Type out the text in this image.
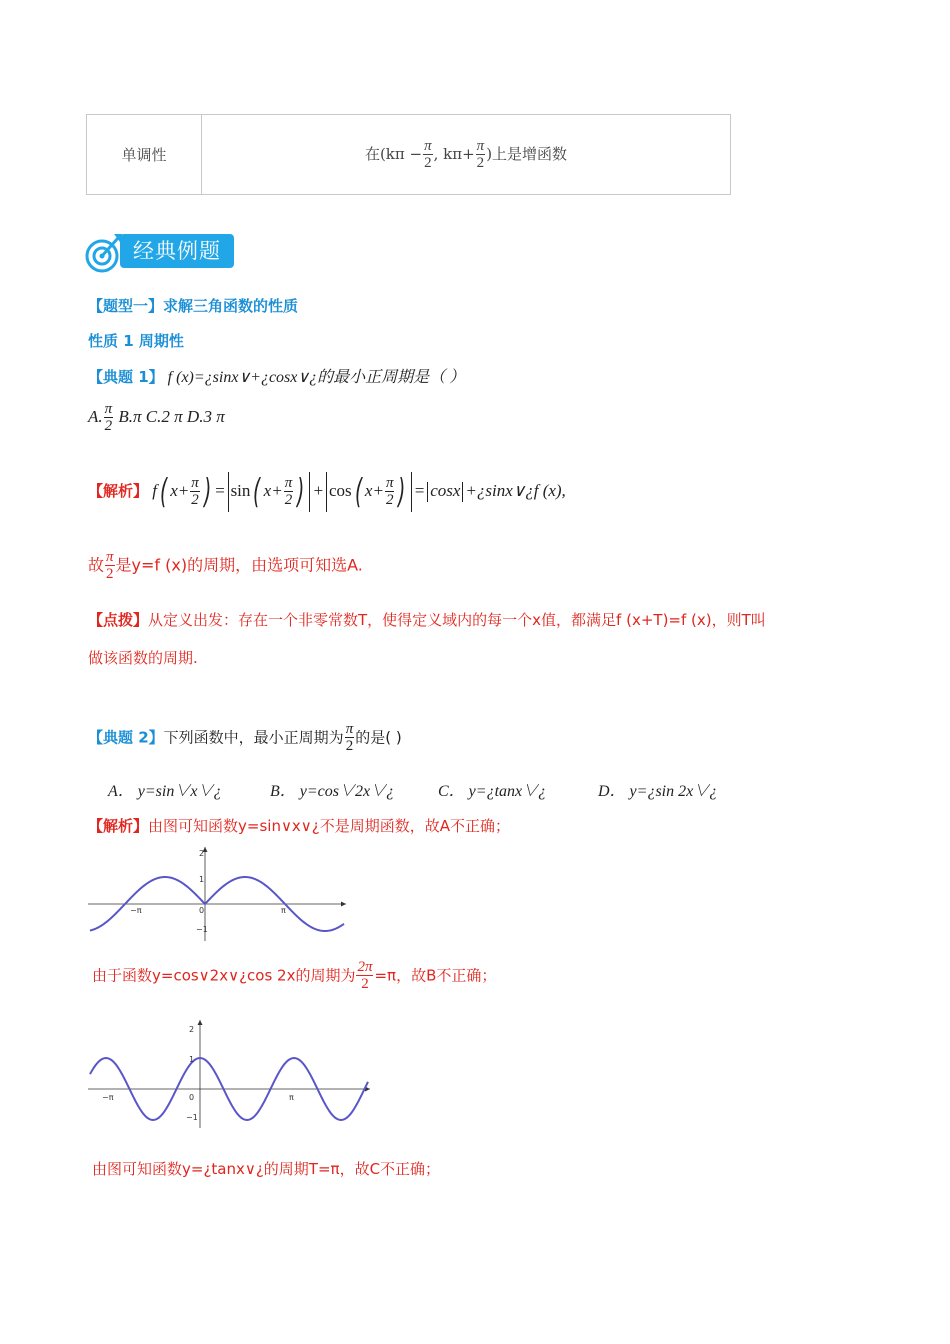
单调性	在($k\pi - \frac{\pi}{2}$ , $k\pi+ \frac{\pi}{2}$ )上是增函数
经典例题
【题型一】求解三角函数的性质
性质 1 周期性
【典题 1】 f (x)=¿sinx∨+¿cosx∨¿的最小正周期是（ ）
A. $\frac{\pi}{2} B.\pi$ C.2 π D.3 π
【解析】 f( $x+ \frac{\pi}{2}$ ) = sin( $x+ \frac{\pi}{2}$ ) + cos( $x+ \frac{\pi}{2}$ ) = cosx +¿sinx∨¿f (x),
故 $\frac{\pi}{2}$ 是y=f (x)的周期，由选项可知选A.
【点拨】从定义出发：存在一个非零常数T，使得定义域内的每一个x值，都满足f (x+T)=f (x)，则T叫
做该函数的周期.
【典题 2】下列函数中，最小正周期为 $\frac{\pi}{2}$ 的是( )
A． y=sin∨x∨¿	B． y=cos∨2x∨¿	C． y=¿tanx∨¿	D． y=¿sin 2x∨¿
【解析】由图可知函数y=sin∨x∨¿不是周期函数，故A不正确；
2
1
0
−1
−π	π
由于函数y=cos∨2x∨¿cos 2x的周期为 $\frac{2\pi}{2} =\pi$，故B不正确；
2
1
0
−1
−π	π
由图可知函数y=¿tanx∨¿的周期T=π，故C不正确；
